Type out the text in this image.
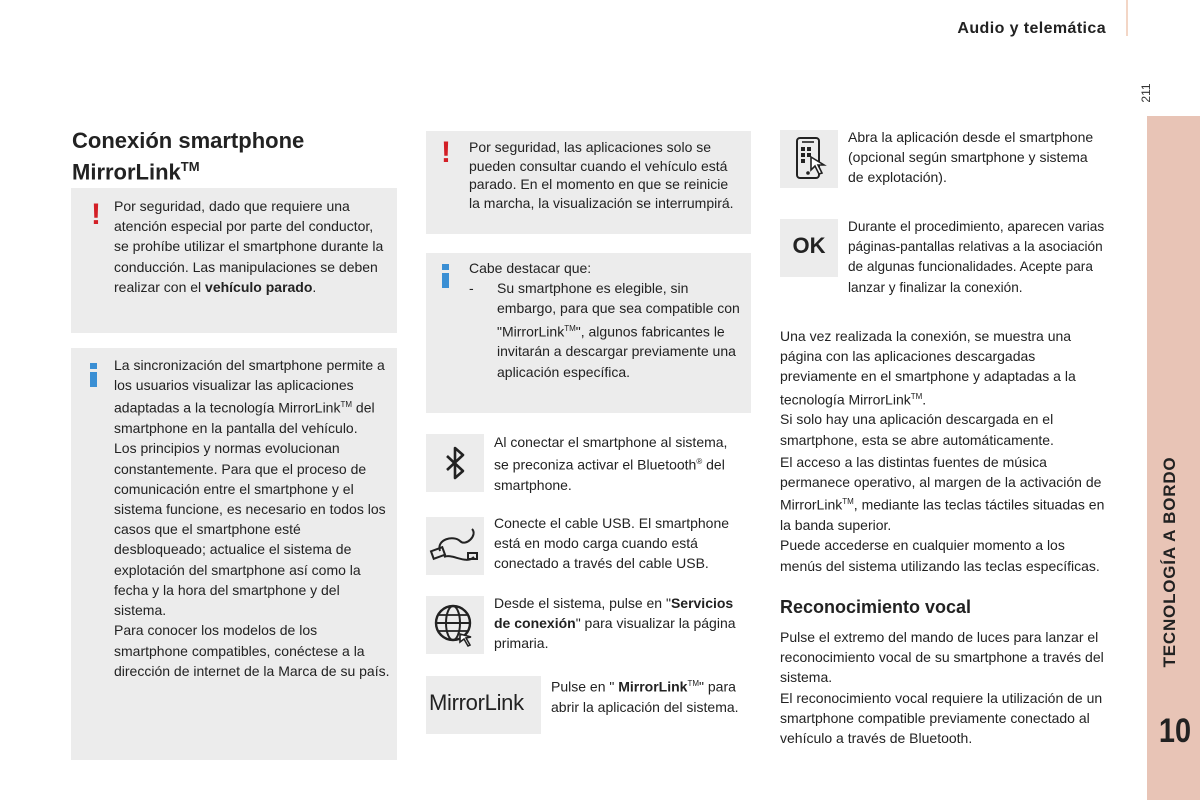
Audio y telemática
211
TECNOLOGÍA A BORDO
10
Conexión smartphone MirrorLink™
! Por seguridad, dado que requiere una atención especial por parte del conductor, se prohíbe utilizar el smartphone durante la conducción. Las manipulaciones se deben realizar con el vehículo parado.
La sincronización del smartphone permite a los usuarios visualizar las aplicaciones adaptadas a la tecnología MirrorLink™ del smartphone en la pantalla del vehículo.
Los principios y normas evolucionan constantemente. Para que el proceso de comunicación entre el smartphone y el sistema funcione, es necesario en todos los casos que el smartphone esté desbloqueado; actualice el sistema de explotación del smartphone así como la fecha y la hora del smartphone y del sistema.
Para conocer los modelos de los smartphone compatibles, conéctese a la dirección de internet de la Marca de su país.
! Por seguridad, las aplicaciones solo se pueden consultar cuando el vehículo está parado. En el momento en que se reinicie la marcha, la visualización se interrumpirá.
Cabe destacar que:
-	Su smartphone es elegible, sin embargo, para que sea compatible con "MirrorLink™", algunos fabricantes le invitarán a descargar previamente una aplicación específica.
Al conectar el smartphone al sistema, se preconiza activar el Bluetooth® del smartphone.
Conecte el cable USB. El smartphone está en modo carga cuando está conectado a través del cable USB.
Desde el sistema, pulse en "Servicios de conexión" para visualizar la página primaria.
MirrorLink
Pulse en " MirrorLink™" para abrir la aplicación del sistema.
Abra la aplicación desde el smartphone (opcional según smartphone y sistema de explotación).
OK
Durante el procedimiento, aparecen varias páginas-pantallas relativas a la asociación de algunas funcionalidades. Acepte para lanzar y finalizar la conexión.
Una vez realizada la conexión, se muestra una página con las aplicaciones descargadas previamente en el smartphone y adaptadas a la tecnología MirrorLink™.
Si solo hay una aplicación descargada en el smartphone, esta se abre automáticamente.
El acceso a las distintas fuentes de música permanece operativo, al margen de la activación de MirrorLink™, mediante las teclas táctiles situadas en la banda superior.
Puede accederse en cualquier momento a los menús del sistema utilizando las teclas específicas.
Reconocimiento vocal
Pulse el extremo del mando de luces para lanzar el reconocimiento vocal de su smartphone a través del sistema.
El reconocimiento vocal requiere la utilización de un smartphone compatible previamente conectado al vehículo a través de Bluetooth.
